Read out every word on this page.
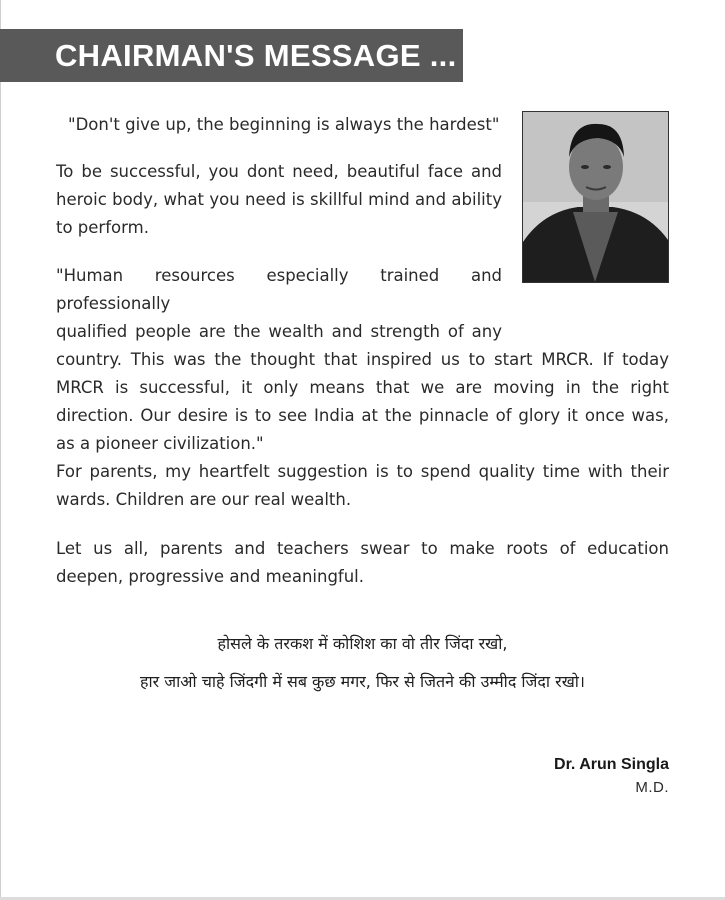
CHAIRMAN'S MESSAGE ...

"Don't give up, the beginning is always the hardest"

To be successful, you dont need, beautiful face and heroic body, what you need is skillful mind and ability to perform.

"Human resources especially trained and professionally
qualified people are the wealth and strength of any
country. This was the thought that inspired us to start MRCR. If today MRCR is successful, it only means that we are moving in the right direction. Our desire is to see India at the pinnacle of glory it once was, as a pioneer civilization."

For parents, my heartfelt suggestion is to spend quality time with their wards. Children are our real wealth.

Let us all, parents and teachers swear to make roots of education deepen, progressive and meaningful.

होसले के तरकश में कोशिश का वो तीर जिंदा रखो,
हार जाओ चाहे जिंदगी में सब कुछ मगर, फिर से जितने की उम्मीद जिंदा रखो।
Dr. Arun Singla
M.D.
